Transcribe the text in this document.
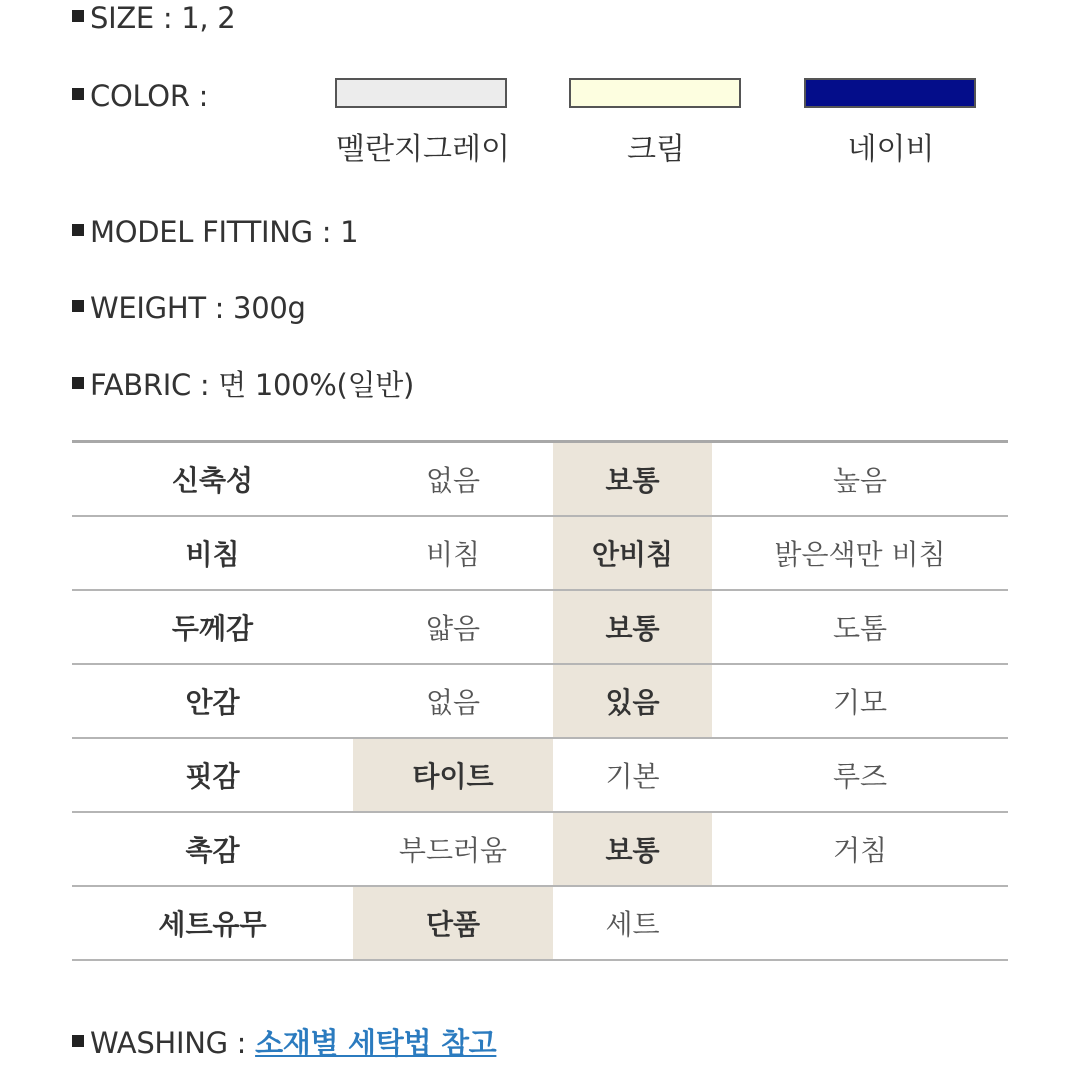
SIZE : 1, 2
COLOR :
멜란지그레이	크림	네이비
MODEL FITTING : 1
WEIGHT : 300g
FABRIC : 면 100%(일반)
신축성	없음	보통	높음
비침	비침	안비침	밝은색만 비침
두께감	얇음	보통	도톰
안감	없음	있음	기모
핏감	타이트	기본	루즈
촉감	부드러움	보통	거침
세트유무	단품	세트	
WASHING : 소재별 세탁법 참고
